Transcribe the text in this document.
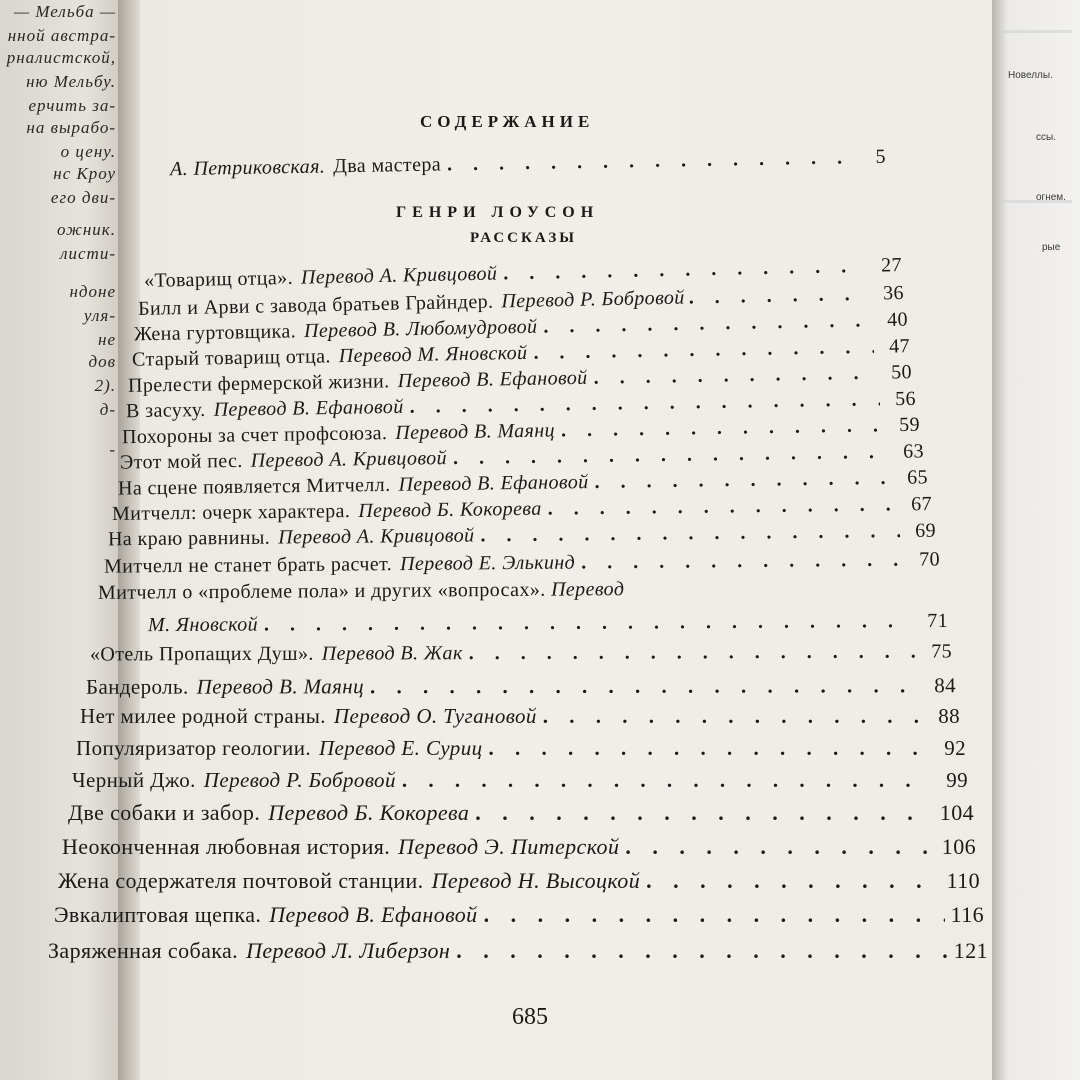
— Мельба —
нной австра-
рналистской,
ню Мельбу.
ерчить за-
на вырабо-
о цену.
нс Кроу
его дви-
ожник.
листи-
ндоне
уля-
не
дов
2).
д-
-
Новеллы.
ссы.
огнем.
рые
СОДЕРЖАНИЕ
А. Петриковская. Два мастера . . .	5
ГЕНРИ ЛОУСОН
РАССКАЗЫ
«Товарищ отца». Перевод А. Кривцовой . . .	27
Билл и Арви с завода братьев Грайндер. Перевод Р. Бобровой . . .	36
Жена гуртовщика. Перевод В. Любомудровой . . .	40
Старый товарищ отца. Перевод М. Яновской . . .	47
Прелести фермерской жизни. Перевод В. Ефановой . . .	50
В засуху. Перевод В. Ефановой . . .	56
Похороны за счет профсоюза. Перевод В. Маянц . . .	59
Этот мой пес. Перевод А. Кривцовой . . .	63
На сцене появляется Митчелл. Перевод В. Ефановой . . .	65
Митчелл: очерк характера. Перевод Б. Кокорева . . .	67
На краю равнины. Перевод А. Кривцовой . . .	69
Митчелл не станет брать расчет. Перевод Е. Элькинд . . .	70
Митчелл о «проблеме пола» и других «вопросах». Перевод
М. Яновской . . .	71
«Отель Пропащих Душ». Перевод В. Жак . . .	75
Бандероль. Перевод В. Маянц . . .	84
Нет милее родной страны. Перевод О. Тугановой . . .	88
Популяризатор геологии. Перевод Е. Суриц . . .	92
Черный Джо. Перевод Р. Бобровой . . .	99
Две собаки и забор. Перевод Б. Кокорева . . .	104
Неоконченная любовная история. Перевод Э. Питерской . . .	106
Жена содержателя почтовой станции. Перевод Н. Высоцкой . . .	110
Эвкалиптовая щепка. Перевод В. Ефановой . . .	116
Заряженная собака. Перевод Л. Либерзон . . .	121
685
